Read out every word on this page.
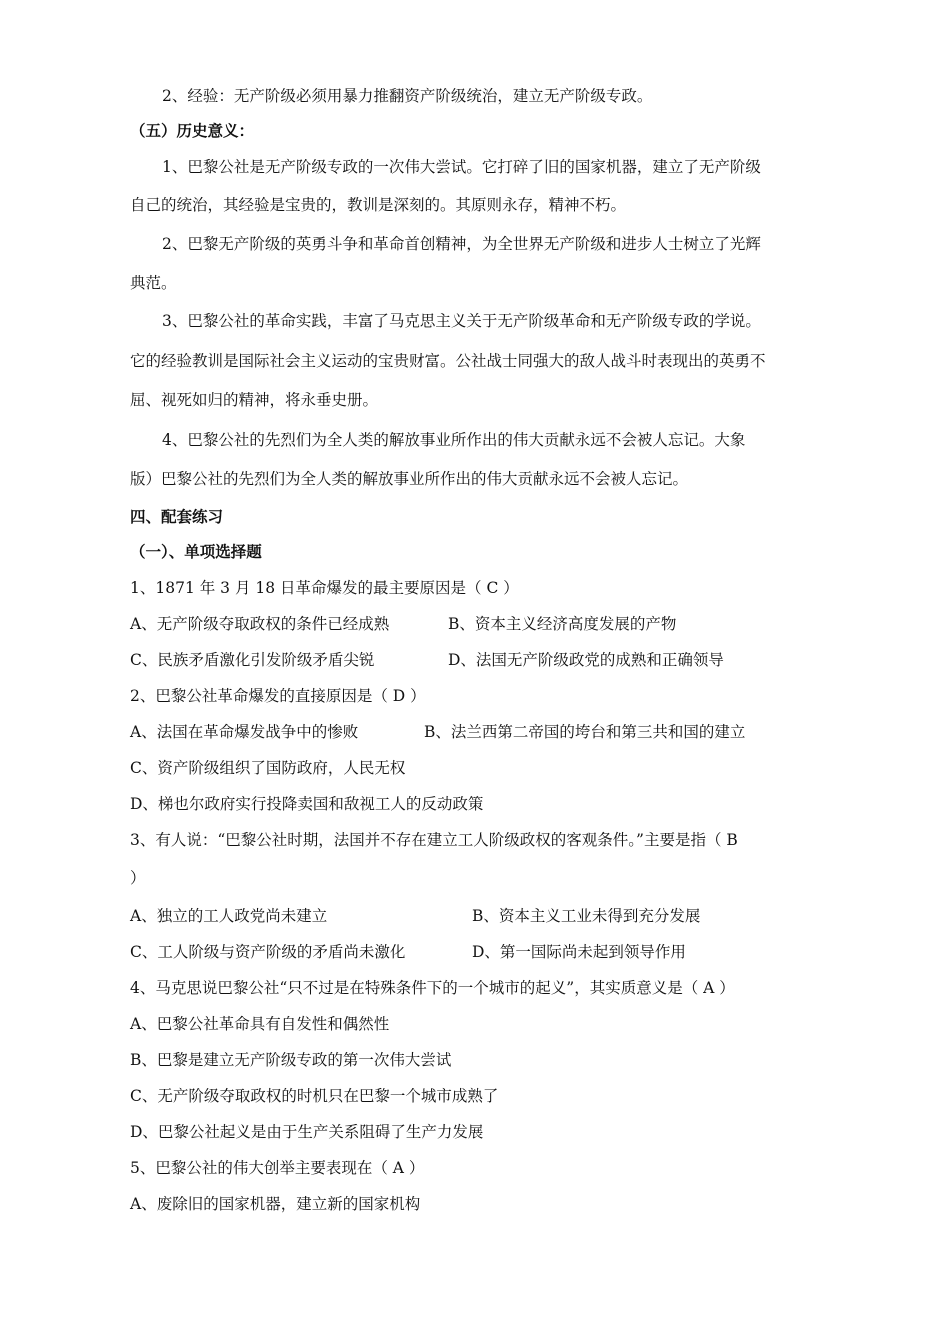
2、经验：无产阶级必须用暴力推翻资产阶级统治，建立无产阶级专政。
（五）历史意义：
1、巴黎公社是无产阶级专政的一次伟大尝试。它打碎了旧的国家机器，建立了无产阶级
自己的统治，其经验是宝贵的，教训是深刻的。其原则永存，精神不朽。
2、巴黎无产阶级的英勇斗争和革命首创精神，为全世界无产阶级和进步人士树立了光辉
典范。
3、巴黎公社的革命实践，丰富了马克思主义关于无产阶级革命和无产阶级专政的学说。
它的经验教训是国际社会主义运动的宝贵财富。公社战士同强大的敌人战斗时表现出的英勇不
屈、视死如归的精神，将永垂史册。
4、巴黎公社的先烈们为全人类的解放事业所作出的伟大贡献永远不会被人忘记。大象
版）巴黎公社的先烈们为全人类的解放事业所作出的伟大贡献永远不会被人忘记。
四、配套练习
（一）、单项选择题
1、1871 年 3 月 18 日革命爆发的最主要原因是（ C ）
A、无产阶级夺取政权的条件已经成熟	B、资本主义经济高度发展的产物
C、民族矛盾激化引发阶级矛盾尖锐	D、法国无产阶级政党的成熟和正确领导
2、巴黎公社革命爆发的直接原因是（ D ）
A、法国在革命爆发战争中的惨败	B、法兰西第二帝国的垮台和第三共和国的建立
C、资产阶级组织了国防政府，人民无权
D、梯也尔政府实行投降卖国和敌视工人的反动政策
3、有人说：“巴黎公社时期，法国并不存在建立工人阶级政权的客观条件。”主要是指（ B
）
A、独立的工人政党尚未建立	B、资本主义工业未得到充分发展
C、工人阶级与资产阶级的矛盾尚未激化	D、第一国际尚未起到领导作用
4、马克思说巴黎公社“只不过是在特殊条件下的一个城市的起义”，其实质意义是（ A ）
A、巴黎公社革命具有自发性和偶然性
B、巴黎是建立无产阶级专政的第一次伟大尝试
C、无产阶级夺取政权的时机只在巴黎一个城市成熟了
D、巴黎公社起义是由于生产关系阻碍了生产力发展
5、巴黎公社的伟大创举主要表现在（ A ）
A、废除旧的国家机器，建立新的国家机构
